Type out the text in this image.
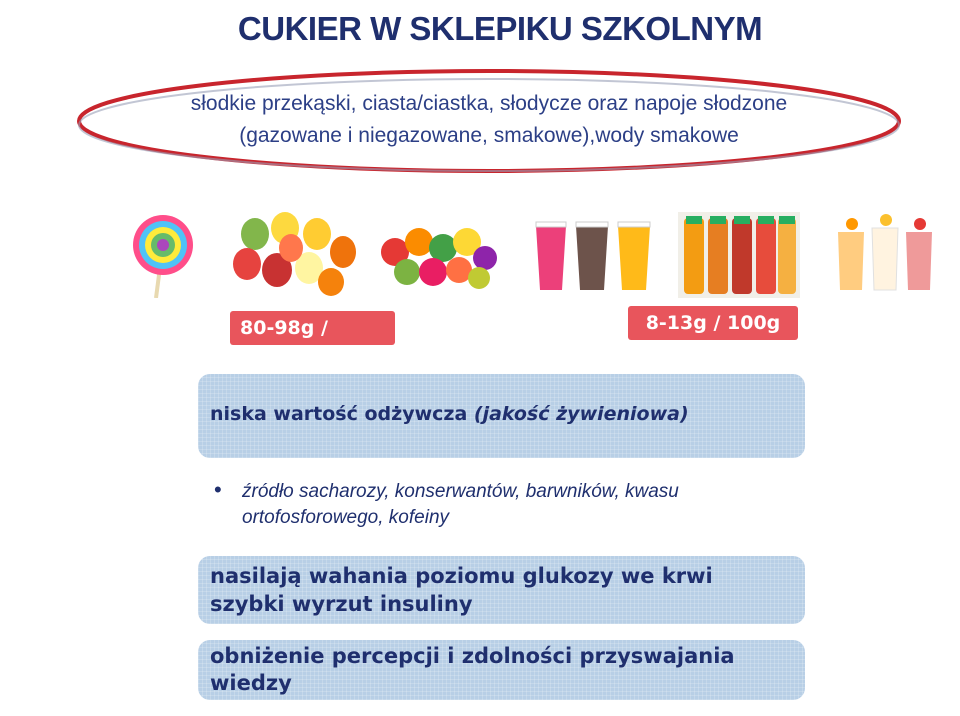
CUKIER W SKLEPIKU SZKOLNYM
słodkie przekąski, ciasta/ciastka, słodycze oraz napoje słodzone
(gazowane i niegazowane, smakowe),wody smakowe
80-98g / 100g
8-13g / 100g
niska wartość odżywcza (jakość żywieniowa)
• źródło sacharozy, konserwantów, barwników, kwasu ortofosforowego, kofeiny
nasilają wahania poziomu glukozy we krwi
szybki wyrzut insuliny
obniżenie percepcji i zdolności przyswajania
wiedzy
